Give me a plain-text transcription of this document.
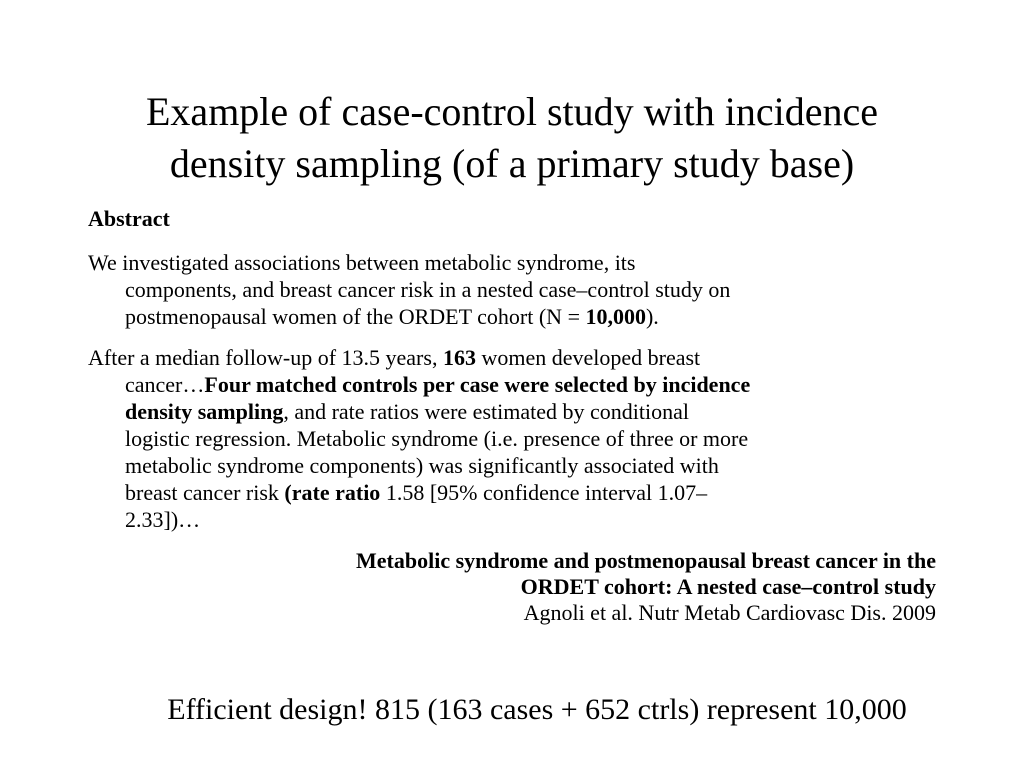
Example of case-control study with incidence
density sampling (of a primary study base)
Abstract
We investigated associations between metabolic syndrome, its
components, and breast cancer risk in a nested case–control study on
postmenopausal women of the ORDET cohort (N = 10,000).
After a median follow-up of 13.5 years, 163 women developed breast
cancer…Four matched controls per case were selected by incidence
density sampling, and rate ratios were estimated by conditional
logistic regression. Metabolic syndrome (i.e. presence of three or more
metabolic syndrome components) was significantly associated with
breast cancer risk (rate ratio 1.58 [95% confidence interval 1.07–
2.33])…
Metabolic syndrome and postmenopausal breast cancer in the
ORDET cohort: A nested case–control study
Agnoli et al. Nutr Metab Cardiovasc Dis. 2009
Efficient design! 815 (163 cases + 652 ctrls) represent 10,000
